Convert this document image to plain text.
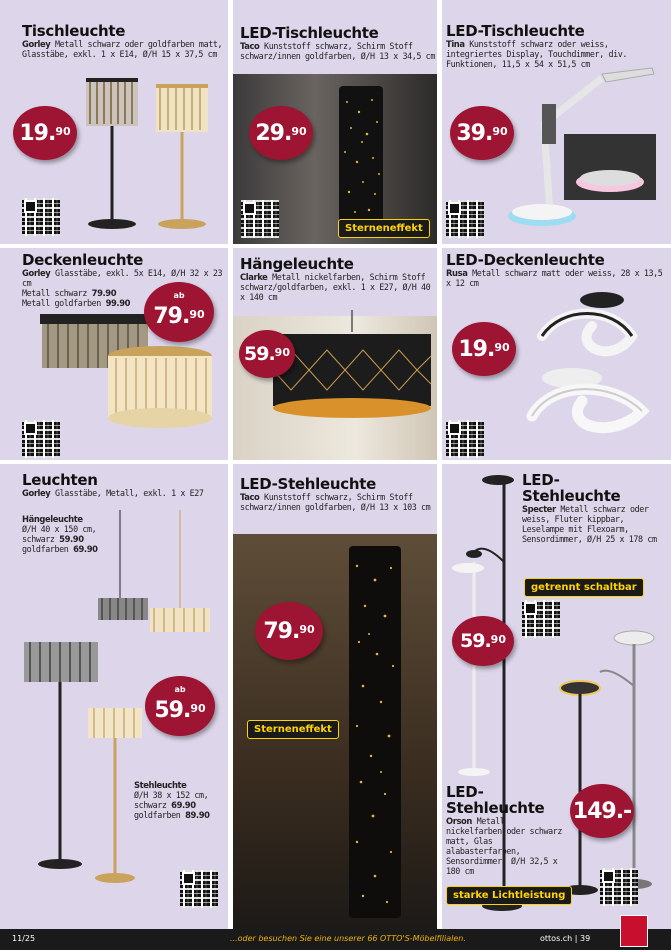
Tischleuchte
Gorley Metall schwarz oder goldfarben matt, Glasstäbe, exkl. 1 x E14, Ø/H 15 x 37,5 cm
19.90
LED-Tischleuchte
Taco Kunststoff schwarz, Schirm Stoff schwarz/innen goldfarben, Ø/H 13 x 34,5 cm
29.90
Sterneneffekt
LED-Tischleuchte
Tina Kunststoff schwarz oder weiss, integriertes Display, Touchdimmer, div. Funktionen, 11,5 x 54 x 51,5 cm
39.90
Deckenleuchte
Gorley Glasstäbe, exkl. 5x E14, Ø/H 32 x 23 cm
Metall schwarz 79.90
Metall goldfarben 99.90
ab
79.90
Hängeleuchte
Clarke Metall nickelfarben, Schirm Stoff schwarz/goldfarben, exkl. 1 x E27, Ø/H 40 x 140 cm
59.90
LED-Deckenleuchte
Rusa Metall schwarz matt oder weiss, 28 x 13,5 x 12 cm
19.90
Leuchten
Gorley Glasstäbe, Metall, exkl. 1 x E27
Hängeleuchte
Ø/H 40 x 150 cm,
schwarz 59.90
goldfarben 69.90
ab
59.90
Stehleuchte
Ø/H 38 x 152 cm,
schwarz 69.90
goldfarben 89.90
LED-Stehleuchte
Taco Kunststoff schwarz, Schirm Stoff schwarz/innen goldfarben, Ø/H 13 x 103 cm
79.90
Sterneneffekt
LED-
Stehleuchte
Specter Metall schwarz oder weiss, Fluter kippbar, Leselampe mit Flexoarm, Sensordimmer, Ø/H 25 x 178 cm
getrennt schaltbar
59.90
LED-
Stehleuchte
Orson Metall nickelfarben oder schwarz matt, Glas alabasterfarben, Sensordimmer, Ø/H 32,5 x 180 cm
149.-
starke Lichtleistung
11/25	...oder besuchen Sie eine unserer 66 OTTO'S-Möbelfilialen.	ottos.ch | 39
